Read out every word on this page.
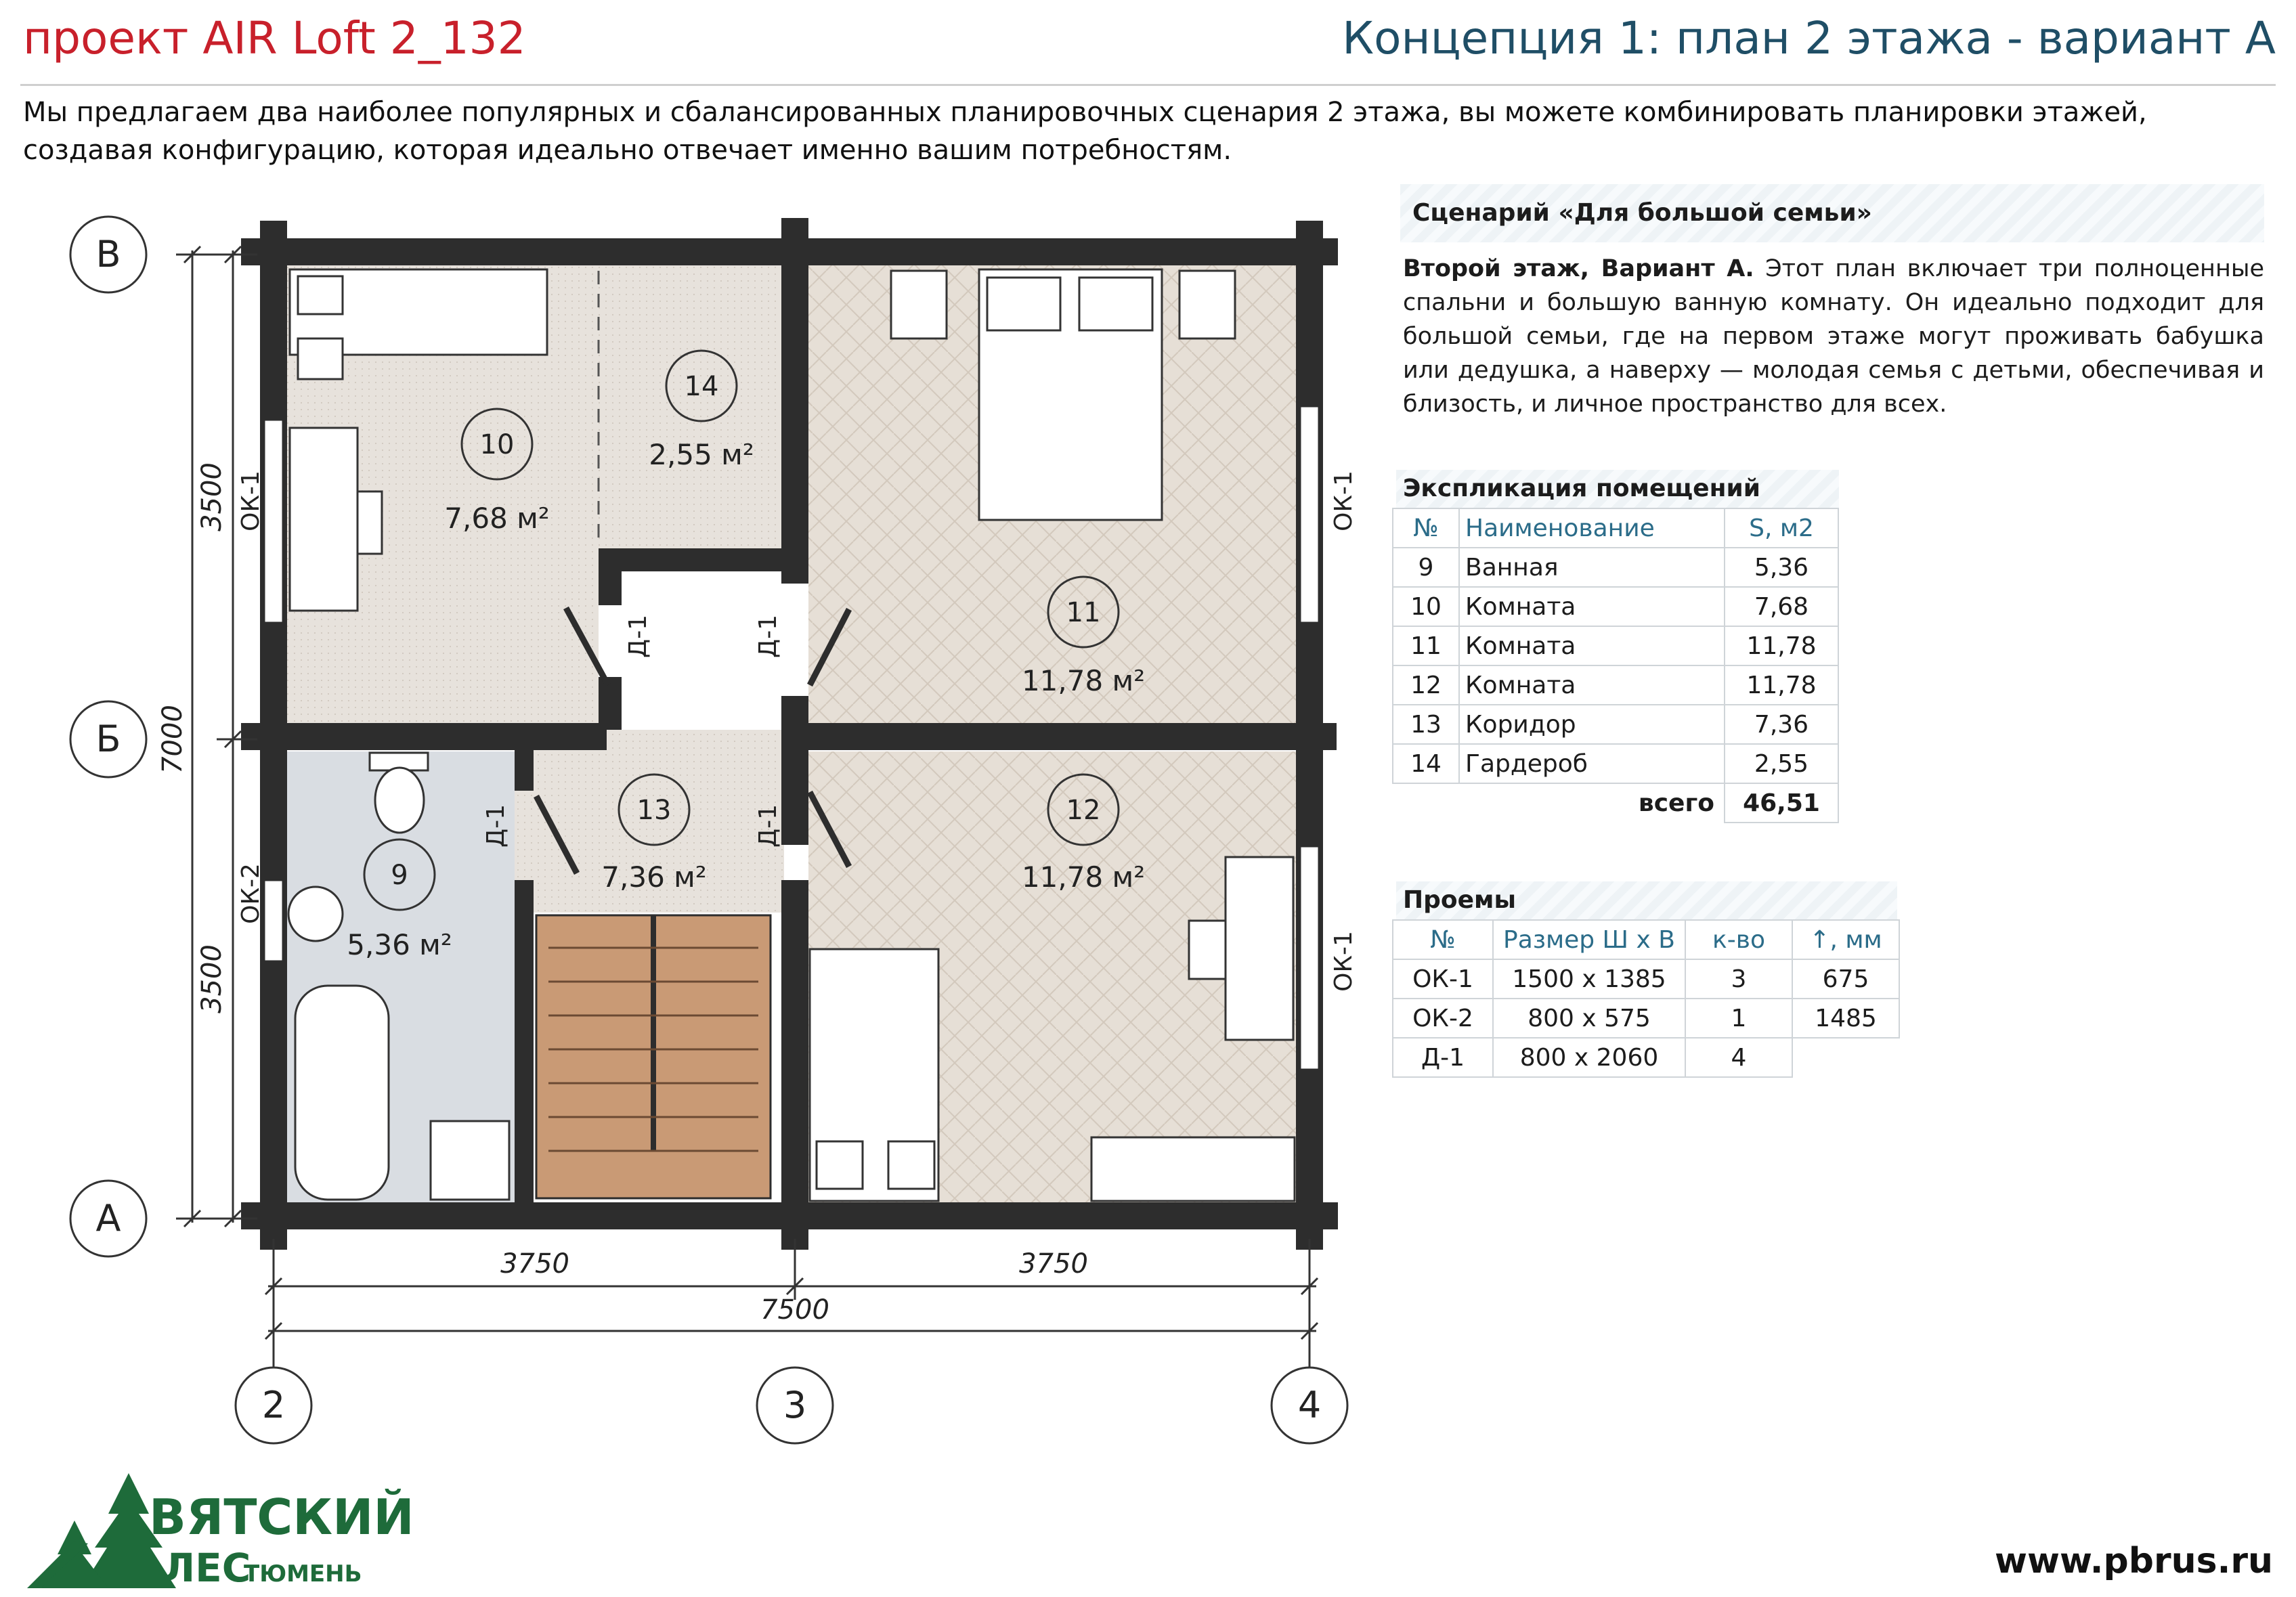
проект AIR Loft 2_132	Концепция 1: план 2 этажа - вариант А
Мы предлагаем два наиболее популярных и сбалансированных планировочных сценария 2 этажа, вы можете комбинировать планировки этажей, создавая конфигурацию, которая идеально отвечает именно вашим потребностям.
10
7,68 м²
14
2,55 м²
11
11,78 м²
9
5,36 м²
13
7,36 м²
12
11,78 м²
ОК-1	ОК-1
ОК-1
ОК-2
Д-1	Д-1
Д-1	Д-1
В
Б
А
2	3	4
3750	3750
7500
3500
7000
3500
Сценарий «Для большой семьи»
Второй этаж, Вариант А. Этот план включает три полноценные спальни и большую ванную комнату. Он идеально подходит для большой семьи, где на первом этаже могут проживать бабушка или дедушка, а наверху — молодая семья с детьми, обеспечивая и близость, и личное пространство для всех.
Экспликация помещений
№	Наименование	S, м2
9	Ванная	5,36
10	Комната	7,68
11	Комната	11,78
12	Комната	11,78
13	Коридор	7,36
14	Гардероб	2,55
	всего	46,51
Проемы
№	Размер Ш х В	к-во	↑, мм
ОК-1	1500 х 1385	3	675
ОК-2	800 х 575	1	1485
Д-1	800 х 2060	4	
ВЯТСКИЙ
ЛЕС
ТЮМЕНЬ	www.pbrus.ru
